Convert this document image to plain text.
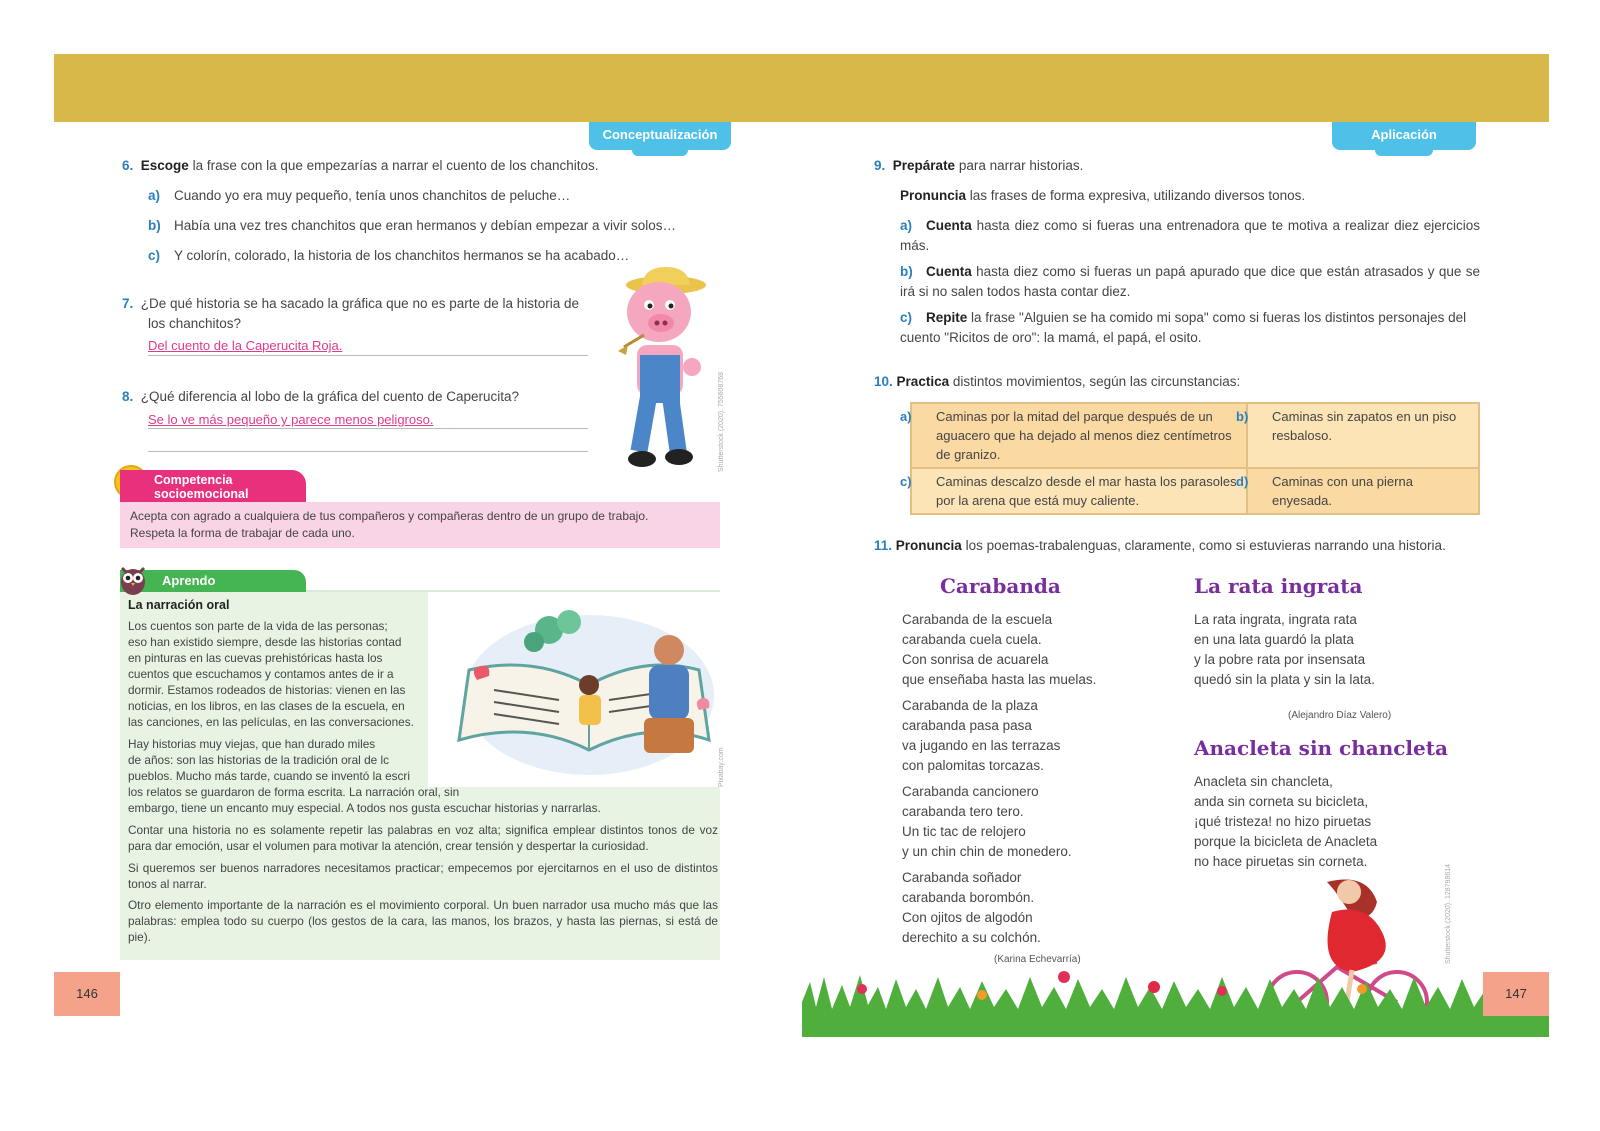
Conceptualización
6. Escoge la frase con la que empezarías a narrar el cuento de los chanchitos.
a) Cuando yo era muy pequeño, tenía unos chanchitos de peluche…
b) Había una vez tres chanchitos que eran hermanos y debían empezar a vivir solos…
c) Y colorín, colorado, la historia de los chanchitos hermanos se ha acabado…
7. ¿De qué historia se ha sacado la gráfica que no es parte de la historia de
los chanchitos?
Del cuento de la Caperucita Roja.
8. ¿Qué diferencia al lobo de la gráfica del cuento de Caperucita?
Se lo ve más pequeño y parece menos peligroso.	Shutterstock (2020). 755608768
Competencia
socioemocional
Acepta con agrado a cualquiera de tus compañeros y compañeras dentro de un grupo de trabajo.
Respeta la forma de trabajar de cada uno.
Aprendo
La narración oral
Los cuentos son parte de la vida de las personas;
eso han existido siempre, desde las historias contad
en pinturas en las cuevas prehistóricas hasta los
cuentos que escuchamos y contamos antes de ir a
dormir. Estamos rodeados de historias: vienen en las
noticias, en los libros, en las clases de la escuela, en
las canciones, en las películas, en las conversaciones.
Hay historias muy viejas, que han durado miles
de años: son las historias de la tradición oral de lc
pueblos. Mucho más tarde, cuando se inventó la escri
los relatos se guardaron de forma escrita. La narración oral, sin
embargo, tiene un encanto muy especial. A todos nos gusta escuchar historias y narrarlas.
Contar una historia no es solamente repetir las palabras en voz alta; significa emplear distintos tonos de voz para dar emoción, usar el volumen para motivar la atención, crear tensión y despertar la curiosidad.
Si queremos ser buenos narradores necesitamos practicar; empecemos por ejercitarnos en el uso de distintos tonos al narrar.
Otro elemento importante de la narración es el movimiento corporal. Un buen narrador usa mucho más que las palabras: emplea todo su cuerpo (los gestos de la cara, las manos, los brazos, y hasta las piernas, si está de pie).
Pixabay.com
146
Aplicación
9. Prepárate para narrar historias.
Pronuncia las frases de forma expresiva, utilizando diversos tonos.
a) Cuenta hasta diez como si fueras una entrenadora que te motiva a realizar diez ejercicios más.
b) Cuenta hasta diez como si fueras un papá apurado que dice que están atrasados y que se irá si no salen todos hasta contar diez.
c) Repite la frase "Alguien se ha comido mi sopa" como si fueras los distintos personajes del cuento "Ricitos de oro": la mamá, el papá, el osito.
10. Practica distintos movimientos, según las circunstancias:
a) Caminas por la mitad del parque después de un aguacero que ha dejado al menos diez centímetros de granizo.	b) Caminas sin zapatos en un piso resbaloso.
c) Caminas descalzo desde el mar hasta los parasoles por la arena que está muy caliente.	d) Caminas con una pierna enyesada.
11. Pronuncia los poemas-trabalenguas, claramente, como si estuvieras narrando una historia.
Carabanda
Carabanda de la escuela
carabanda cuela cuela.
Con sonrisa de acuarela
que enseñaba hasta las muelas.
Carabanda de la plaza
carabanda pasa pasa
va jugando en las terrazas
con palomitas torcazas.
Carabanda cancionero
carabanda tero tero.
Un tic tac de relojero
y un chin chin de monedero.
Carabanda soñador
carabanda borombón.
Con ojitos de algodón
derechito a su colchón.
(Karina Echevarría)
La rata ingrata
La rata ingrata, ingrata rata
en una lata guardó la plata
y la pobre rata por insensata
quedó sin la plata y sin la lata.
(Alejandro Díaz Valero)
Anacleta sin chancleta
Anacleta sin chancleta,
anda sin corneta su bicicleta,
¡qué tristeza! no hizo piruetas
porque la bicicleta de Anacleta
no hace piruetas sin corneta.
Shutterstock (2020). 128798614
147
